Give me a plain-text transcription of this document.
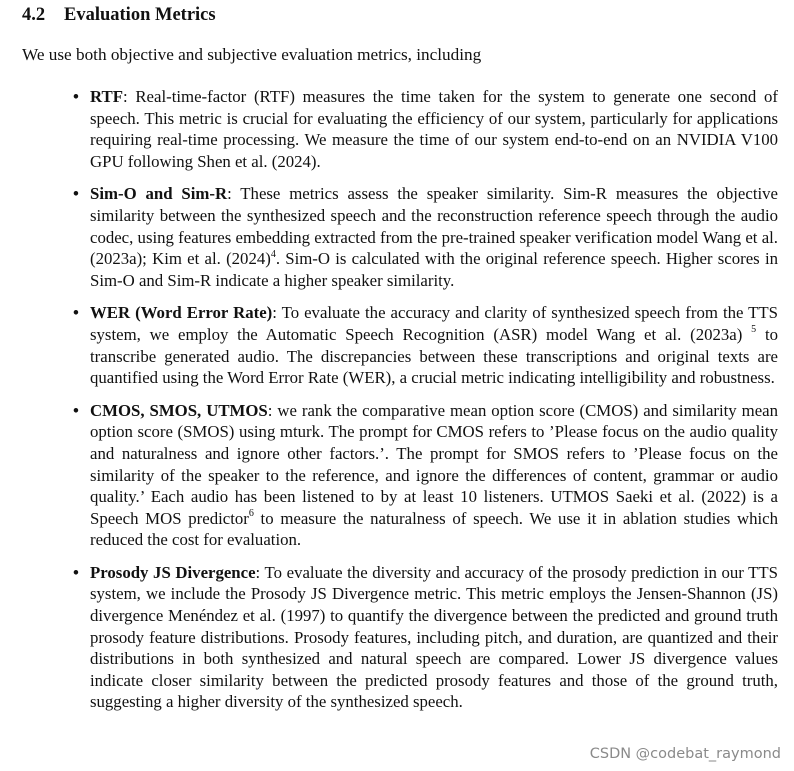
4.2 Evaluation Metrics
We use both objective and subjective evaluation metrics, including
• RTF: Real-time-factor (RTF) measures the time taken for the system to generate one second of speech. This metric is crucial for evaluating the efficiency of our system, particularly for applications requiring real-time processing. We measure the time of our system end-to-end on an NVIDIA V100 GPU following Shen et al. (2024).
• Sim-O and Sim-R: These metrics assess the speaker similarity. Sim-R measures the objective similarity between the synthesized speech and the reconstruction reference speech through the audio codec, using features embedding extracted from the pre-trained speaker verification model Wang et al. (2023a); Kim et al. $(2024)^4$. Sim-O is calculated with the original reference speech. Higher scores in Sim-O and Sim-R indicate a higher speaker similarity.
• WER (Word Error Rate): To evaluate the accuracy and clarity of synthesized speech from the TTS system, we employ the Automatic Speech Recognition (ASR) model Wang et al. (2023a) $^5$ to transcribe generated audio. The discrepancies between these transcriptions and original texts are quantified using the Word Error Rate (WER), a crucial metric indicating intelligibility and robustness.
• CMOS, SMOS, UTMOS: we rank the comparative mean option score (CMOS) and similarity mean option score (SMOS) using mturk. The prompt for CMOS refers to ’Please focus on the audio quality and naturalness and ignore other factors.’. The prompt for SMOS refers to ’Please focus on the similarity of the speaker to the reference, and ignore the differences of content, grammar or audio quality.’ Each audio has been listened to by at least 10 listeners. UTMOS Saeki et al. (2022) is a Speech MOS predictor$^6$ to measure the naturalness of speech. We use it in ablation studies which reduced the cost for evaluation.
• Prosody JS Divergence: To evaluate the diversity and accuracy of the prosody prediction in our TTS system, we include the Prosody JS Divergence metric. This metric employs the Jensen-Shannon (JS) divergence Menéndez et al. (1997) to quantify the divergence between the predicted and ground truth prosody feature distributions. Prosody features, including pitch, and duration, are quantized and their distributions in both synthesized and natural speech are compared. Lower JS divergence values indicate closer similarity between the predicted prosody features and those of the ground truth, suggesting a higher diversity of the synthesized speech.
CSDN @codebat_raymond
